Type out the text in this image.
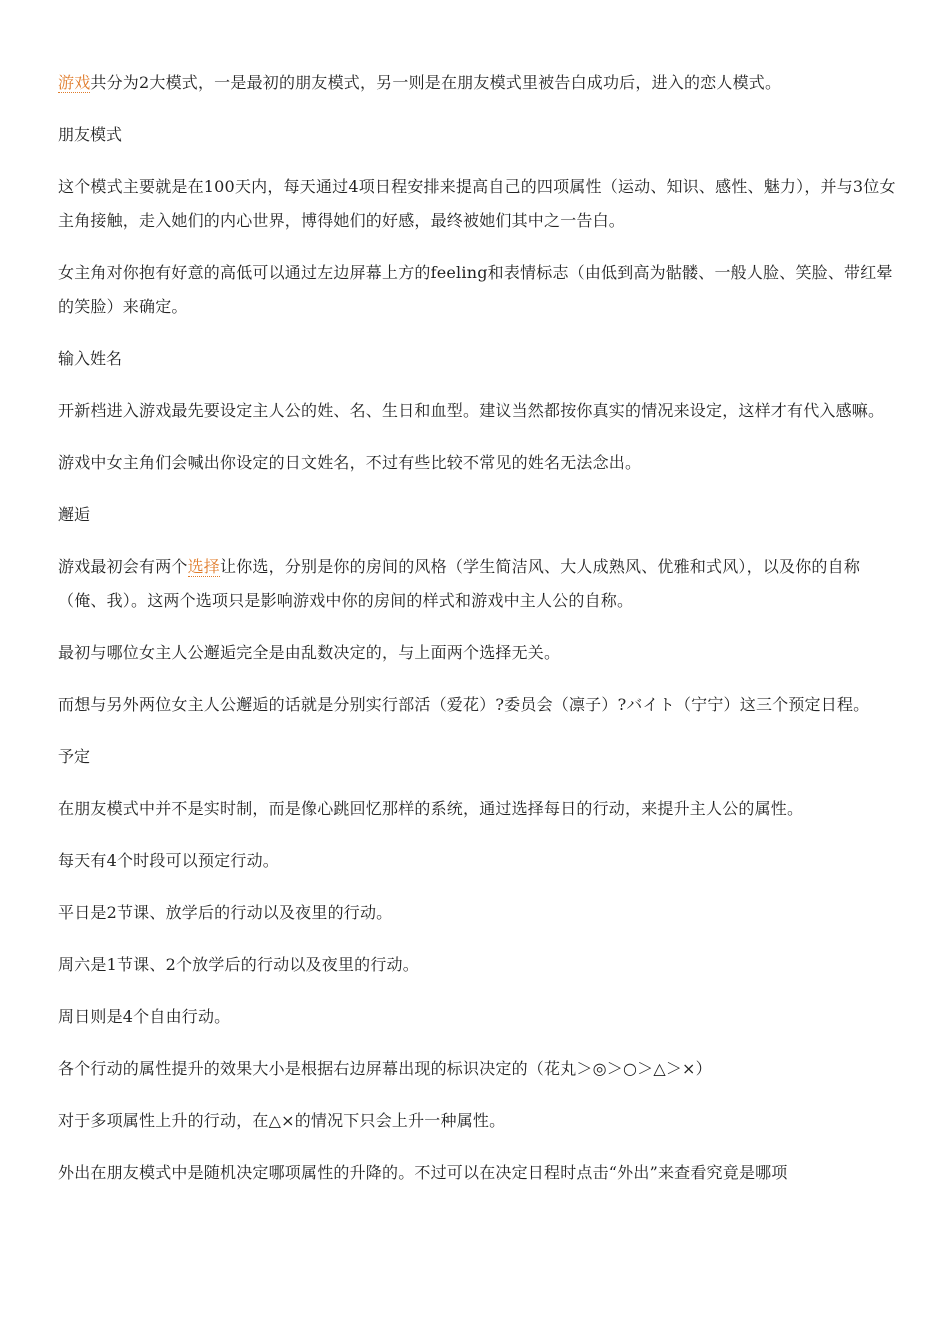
游戏共分为2大模式，一是最初的朋友模式，另一则是在朋友模式里被告白成功后，进入的恋人模式。

朋友模式

这个模式主要就是在100天内，每天通过4项日程安排来提高自己的四项属性（运动、知识、感性、魅力），并与3位女主角接触，走入她们的内心世界，博得她们的好感，最终被她们其中之一告白。

女主角对你抱有好意的高低可以通过左边屏幕上方的feeling和表情标志（由低到高为骷髅、一般人脸、笑脸、带红晕的笑脸）来确定。

输入姓名

开新档进入游戏最先要设定主人公的姓、名、生日和血型。建议当然都按你真实的情况来设定，这样才有代入感嘛。

游戏中女主角们会喊出你设定的日文姓名，不过有些比较不常见的姓名无法念出。

邂逅

游戏最初会有两个选择让你选，分别是你的房间的风格（学生简洁风、大人成熟风、优雅和式风），以及你的自称（俺、我）。这两个选项只是影响游戏中你的房间的样式和游戏中主人公的自称。

最初与哪位女主人公邂逅完全是由乱数决定的，与上面两个选择无关。

而想与另外两位女主人公邂逅的话就是分别实行部活（爱花）?委员会（凛子）?バイト（宁宁）这三个预定日程。

予定

在朋友模式中并不是实时制，而是像心跳回忆那样的系统，通过选择每日的行动，来提升主人公的属性。

每天有4个时段可以预定行动。

平日是2节课、放学后的行动以及夜里的行动。

周六是1节课、2个放学后的行动以及夜里的行动。

周日则是4个自由行动。

各个行动的属性提升的效果大小是根据右边屏幕出现的标识决定的（花丸＞◎＞○＞△＞×）

对于多项属性上升的行动，在△×的情况下只会上升一种属性。

外出在朋友模式中是随机决定哪项属性的升降的。不过可以在决定日程时点击“外出”来查看究竟是哪项
